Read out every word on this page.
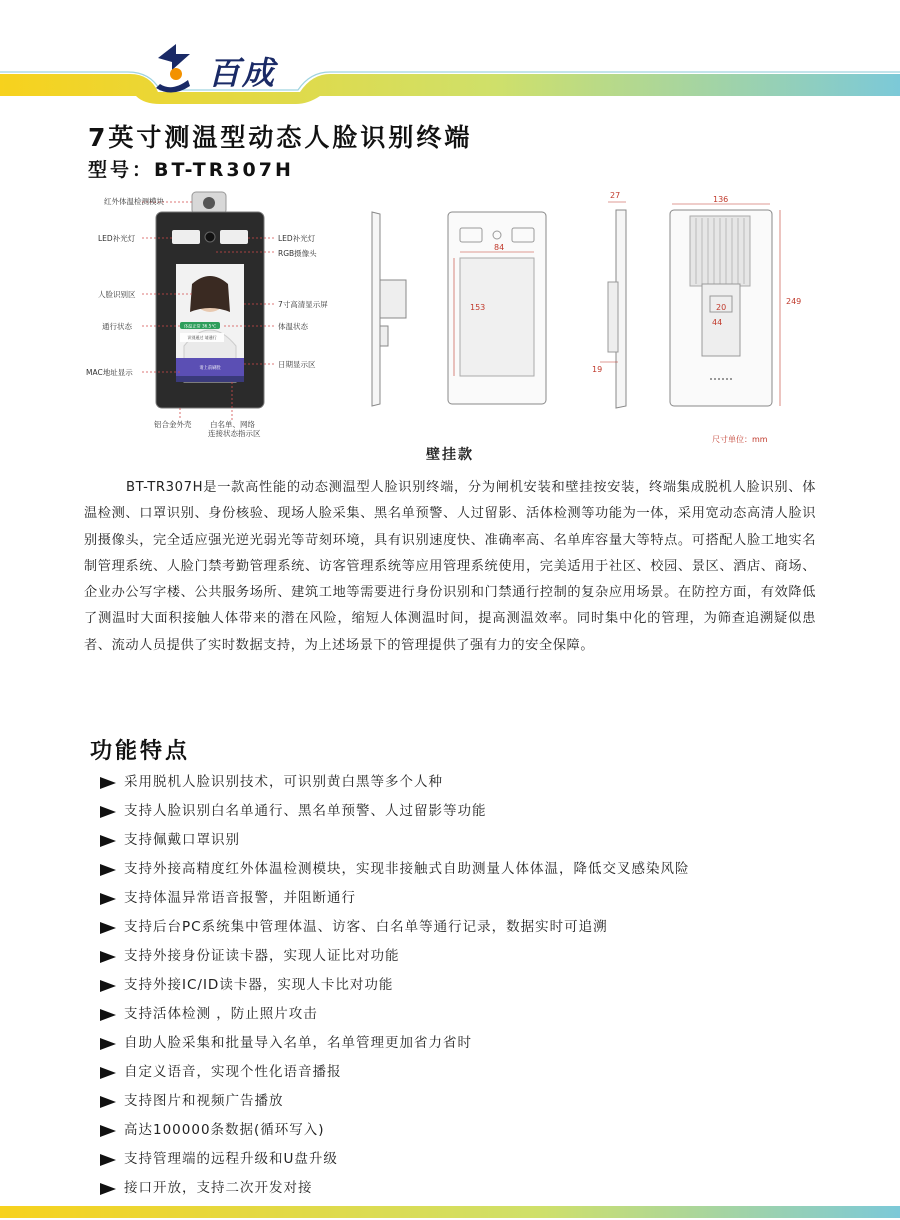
百成
7英寸测温型动态人脸识别终端
型号：BT-TR307H
体温正常 36.5℃
识别通过 请通行
请上前刷脸
红外体温检测模块
LED补光灯	LED补光灯
RGB摄像头
人脸识别区
7寸高清显示屏
通行状态	体温状态
MAC地址显示
日期显示区
铝合金外壳 白名单、网络
连接状态指示区
84
153
27
19
136
249
20
44
尺寸单位：mm
壁挂款
BT-TR307H是一款高性能的动态测温型人脸识别终端，分为闸机安装和壁挂按安装，终端集成脱机人脸识别、体温检测、口罩识别、身份核验、现场人脸采集、黑名单预警、人过留影、活体检测等功能为一体，采用宽动态高清人脸识别摄像头，完全适应强光逆光弱光等苛刻环境，具有识别速度快、准确率高、名单库容量大等特点。可搭配人脸工地实名制管理系统、人脸门禁考勤管理系统、访客管理系统等应用管理系统使用，完美适用于社区、校园、景区、酒店、商场、企业办公写字楼、公共服务场所、建筑工地等需要进行身份识别和门禁通行控制的复杂应用场景。在防控方面，有效降低了测温时大面积接触人体带来的潜在风险，缩短人体测温时间，提高测温效率。同时集中化的管理，为筛查追溯疑似患者、流动人员提供了实时数据支持，为上述场景下的管理提供了强有力的安全保障。
功能特点
采用脱机人脸识别技术，可识别黄白黑等多个人种
支持人脸识别白名单通行、黑名单预警、人过留影等功能
支持佩戴口罩识别
支持外接高精度红外体温检测模块，实现非接触式自助测量人体体温，降低交叉感染风险
支持体温异常语音报警，并阻断通行
支持后台PC系统集中管理体温、访客、白名单等通行记录，数据实时可追溯
支持外接身份证读卡器，实现人证比对功能
支持外接IC/ID读卡器，实现人卡比对功能
支持活体检测 ，防止照片攻击
自助人脸采集和批量导入名单，名单管理更加省力省时
自定义语音，实现个性化语音播报
支持图片和视频广告播放
高达100000条数据(循环写入)
支持管理端的远程升级和U盘升级
接口开放，支持二次开发对接
